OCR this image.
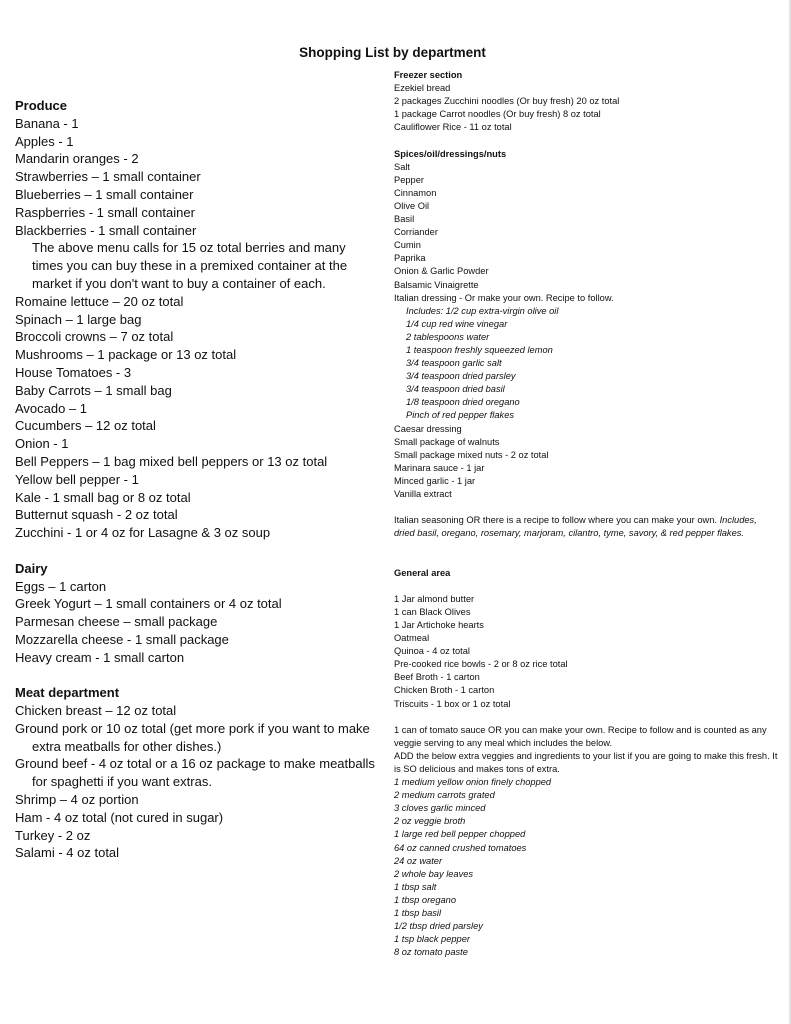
Shopping List by department
Produce
Banana - 1
Apples - 1
Mandarin oranges - 2
Strawberries – 1 small container
Blueberries – 1 small container
Raspberries - 1 small container
Blackberries - 1 small container
The above menu calls for 15 oz total berries and many times you can buy these in a premixed container at the market if you don't want to buy a container of each.
Romaine lettuce – 20 oz total
Spinach – 1 large bag
Broccoli crowns – 7 oz total
Mushrooms – 1 package or 13 oz total
House Tomatoes - 3
Baby Carrots – 1 small bag
Avocado – 1
Cucumbers – 12 oz total
Onion - 1
Bell Peppers – 1 bag mixed bell peppers or 13 oz total
Yellow bell pepper - 1
Kale - 1 small bag or 8 oz total
Butternut squash - 2 oz total
Zucchini - 1 or 4 oz for Lasagne & 3 oz soup
Dairy
Eggs – 1 carton
Greek Yogurt – 1 small containers or 4 oz total
Parmesan cheese – small package
Mozzarella cheese - 1 small package
Heavy cream - 1 small carton
Meat department
Chicken breast – 12 oz total
Ground pork or 10 oz total (get more pork if you want to make extra meatballs for other dishes.)
Ground beef - 4 oz total or a 16 oz package to make meatballs for spaghetti if you want extras.
Shrimp – 4 oz portion
Ham - 4 oz total (not cured in sugar)
Turkey - 2 oz
Salami - 4 oz total
Freezer section
Ezekiel bread
2 packages Zucchini noodles (Or buy fresh) 20 oz total
1 package Carrot noodles (Or buy fresh) 8 oz total
Cauliflower Rice - 11 oz total
Spices/oil/dressings/nuts
Salt
Pepper
Cinnamon
Olive Oil
Basil
Corriander
Cumin
Paprika
Onion & Garlic Powder
Balsamic Vinaigrette
Italian dressing - Or make your own. Recipe to follow.
Includes: 1/2 cup extra-virgin olive oil
1/4 cup red wine vinegar
2 tablespoons water
1 teaspoon freshly squeezed lemon
3/4 teaspoon garlic salt
3/4 teaspoon dried parsley
3/4 teaspoon dried basil
1/8 teaspoon dried oregano
Pinch of red pepper flakes
Caesar dressing
Small package of walnuts
Small package mixed nuts - 2 oz total
Marinara sauce - 1 jar
Minced garlic - 1 jar
Vanilla extract

Italian seasoning OR there is a recipe to follow where you can make your own. Includes, dried basil, oregano, rosemary, marjoram, cilantro, tyme, savory, & red pepper flakes.

General area
1 Jar almond butter
1 can Black Olives
1 Jar Artichoke hearts
Oatmeal
Quinoa - 4 oz total
Pre-cooked rice bowls - 2 or 8 oz rice total
Beef Broth - 1 carton
Chicken Broth - 1 carton
Triscuits - 1 box or 1 oz total
1 can of tomato sauce OR you can make your own. Recipe to follow and is counted as any veggie serving to any meal which includes the below.
ADD the below extra veggies and ingredients to your list if you are going to make this fresh. It is SO delicious and makes tons of extra.
1 medium yellow onion finely chopped
2 medium carrots grated
3 cloves garlic minced
2 oz veggie broth
1 large red bell pepper chopped
64 oz canned crushed tomatoes
24 oz water
2 whole bay leaves
1 tbsp salt
1 tbsp oregano
1 tbsp basil
1/2 tbsp dried parsley
1 tsp black pepper
8 oz tomato paste
